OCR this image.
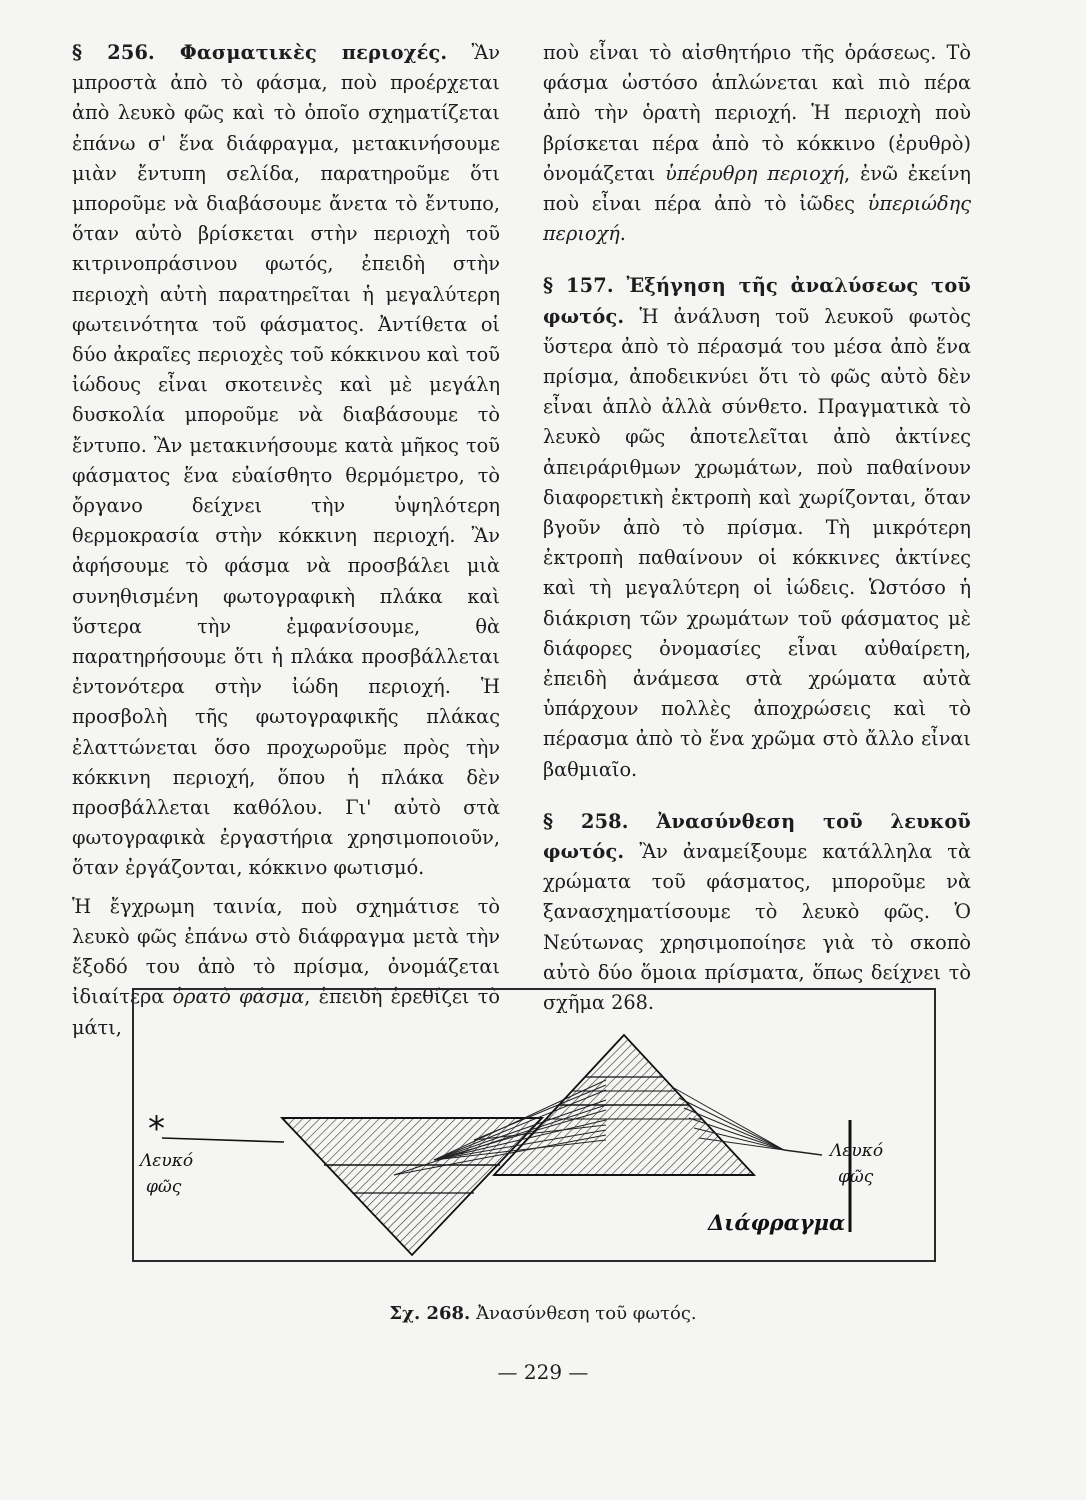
§ 256. Φασματικὲς περιοχές. Ἂν μπροστὰ ἀπὸ τὸ φάσμα, ποὺ προέρχεται ἀπὸ λευκὸ φῶς καὶ τὸ ὁποῖο σχηματίζεται ἐπάνω σ' ἕνα διάφραγμα, μετακινήσουμε μιὰν ἔντυπη σελίδα, παρατηροῦμε ὅτι μποροῦμε νὰ διαβάσουμε ἄνετα τὸ ἔντυπο, ὅταν αὐτὸ βρίσκεται στὴν περιοχὴ τοῦ κιτρινοπράσινου φωτός, ἐπειδὴ στὴν περιοχὴ αὐτὴ παρατηρεῖται ἡ μεγαλύτερη φωτεινότητα τοῦ φάσματος. Ἀντίθετα οἱ δύο ἀκραῖες περιοχὲς τοῦ κόκκινου καὶ τοῦ ἰώδους εἶναι σκοτεινὲς καὶ μὲ μεγάλη δυσκολία μποροῦμε νὰ διαβάσουμε τὸ ἔντυπο. Ἂν μετακινήσουμε κατὰ μῆκος τοῦ φάσματος ἕνα εὐαίσθητο θερμόμετρο, τὸ ὄργανο δείχνει τὴν ὑψηλότερη θερμοκρασία στὴν κόκκινη περιοχή. Ἂν ἀφήσουμε τὸ φάσμα νὰ προσβάλει μιὰ συνηθισμένη φωτογραφικὴ πλάκα καὶ ὕστερα τὴν ἐμφανίσουμε, θὰ παρατηρήσουμε ὅτι ἡ πλάκα προσβάλλεται ἐντονότερα στὴν ἰώδη περιοχή. Ἡ προσβολὴ τῆς φωτογραφικῆς πλάκας ἐλαττώνεται ὅσο προχωροῦμε πρὸς τὴν κόκκινη περιοχή, ὅπου ἡ πλάκα δὲν προσβάλλεται καθόλου. Γι' αὐτὸ στὰ φωτογραφικὰ ἐργαστήρια χρησιμοποιοῦν, ὅταν ἐργάζονται, κόκκινο φωτισμό.

Ἡ ἔγχρωμη ταινία, ποὺ σχημάτισε τὸ λευκὸ φῶς ἐπάνω στὸ διάφραγμα μετὰ τὴν ἔξοδό του ἀπὸ τὸ πρίσμα, ὀνομάζεται ἰδιαίτερα ὁρατὸ φάσμα, ἐπειδὴ ἐρεθίζει τὸ μάτι,

ποὺ εἶναι τὸ αἰσθητήριο τῆς ὁράσεως. Τὸ φάσμα ὡστόσο ἁπλώνεται καὶ πιὸ πέρα ἀπὸ τὴν ὁρατὴ περιοχή. Ἡ περιοχὴ ποὺ βρίσκεται πέρα ἀπὸ τὸ κόκκινο (ἐρυθρὸ) ὀνομάζεται ὑπέρυθρη περιοχή, ἐνῶ ἐκείνη ποὺ εἶναι πέρα ἀπὸ τὸ ἰῶδες ὑπεριώδης περιοχή.

§ 157. Ἐξήγηση τῆς ἀναλύσεως τοῦ φωτός. Ἡ ἀνάλυση τοῦ λευκοῦ φωτὸς ὕστερα ἀπὸ τὸ πέρασμά του μέσα ἀπὸ ἕνα πρίσμα, ἀποδεικνύει ὅτι τὸ φῶς αὐτὸ δὲν εἶναι ἁπλὸ ἀλλὰ σύνθετο. Πραγματικὰ τὸ λευκὸ φῶς ἀποτελεῖται ἀπὸ ἀκτίνες ἀπειράριθμων χρωμάτων, ποὺ παθαίνουν διαφορετικὴ ἐκτροπὴ καὶ χωρίζονται, ὅταν βγοῦν ἀπὸ τὸ πρίσμα. Τὴ μικρότερη ἐκτροπὴ παθαίνουν οἱ κόκκινες ἀκτίνες καὶ τὴ μεγαλύτερη οἱ ἰώδεις. Ὡστόσο ἡ διάκριση τῶν χρωμάτων τοῦ φάσματος μὲ διάφορες ὀνομασίες εἶναι αὐθαίρετη, ἐπειδὴ ἀνάμεσα στὰ χρώματα αὐτὰ ὑπάρχουν πολλὲς ἀποχρώσεις καὶ τὸ πέρασμα ἀπὸ τὸ ἕνα χρῶμα στὸ ἄλλο εἶναι βαθμιαῖο.

§ 258. Ἀνασύνθεση τοῦ λευκοῦ φωτός. Ἂν ἀναμείξουμε κατάλληλα τὰ χρώματα τοῦ φάσματος, μποροῦμε νὰ ξανασχηματίσουμε τὸ λευκὸ φῶς. Ὁ Νεύτωνας χρησιμοποίησε γιὰ τὸ σκοπὸ αὐτὸ δύο ὅμοια πρίσματα, ὅπως δείχνει τὸ σχῆμα 268.

*
Λευκό
φῶς
Λευκό
φῶς
Διάφραγμα
Σχ. 268. Ἀνασύνθεση τοῦ φωτός.
— 229 —
